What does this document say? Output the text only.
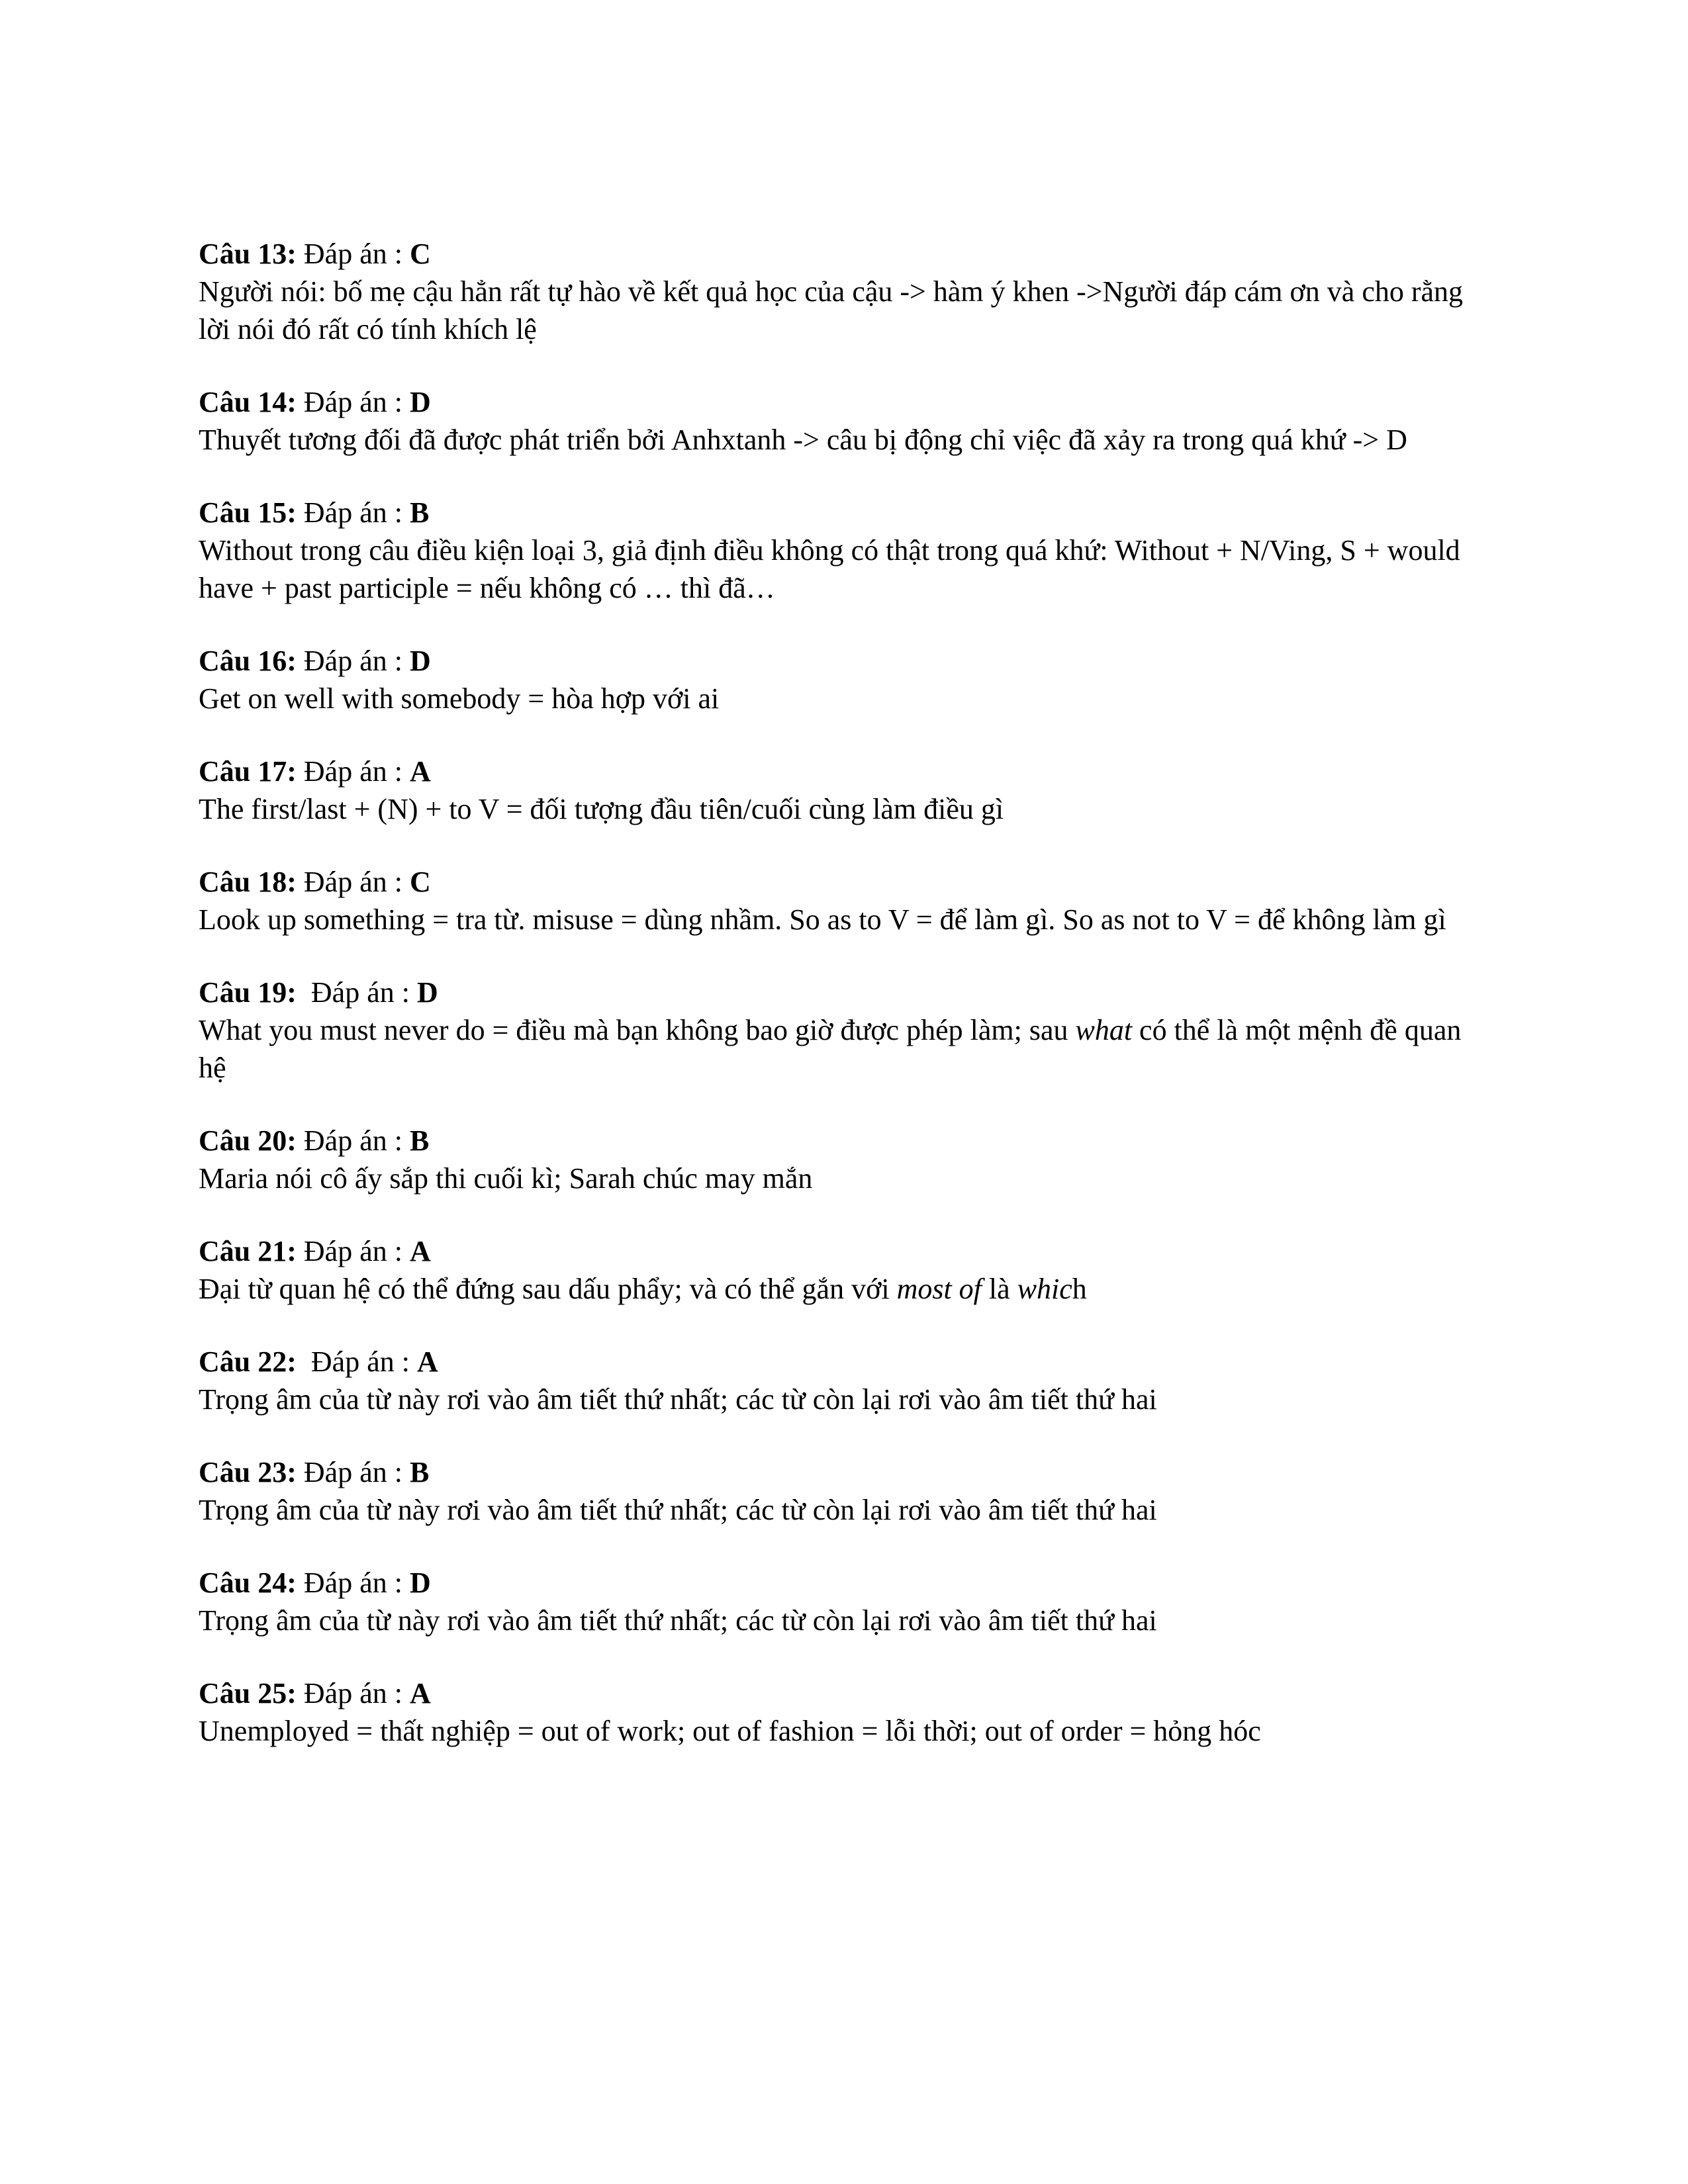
Câu 13: Đáp án : C
Người nói: bố mẹ cậu hẳn rất tự hào về kết quả học của cậu -> hàm ý khen ->Người đáp cám ơn và cho rằng lời nói đó rất có tính khích lệ
Câu 14: Đáp án : D
Thuyết tương đối đã được phát triển bởi Anhxtanh -> câu bị động chỉ việc đã xảy ra trong quá khứ -> D
Câu 15: Đáp án : B
Without trong câu điều kiện loại 3, giả định điều không có thật trong quá khứ: Without + N/Ving, S + would have + past participle = nếu không có … thì đã…
Câu 16: Đáp án : D
Get on well with somebody = hòa hợp với ai
Câu 17: Đáp án : A
The first/last + (N) + to V = đối tượng đầu tiên/cuối cùng làm điều gì
Câu 18: Đáp án : C
Look up something = tra từ. misuse = dùng nhầm. So as to V = để làm gì. So as not to V = để không làm gì
Câu 19: Đáp án : D
What you must never do = điều mà bạn không bao giờ được phép làm; sau what có thể là một mệnh đề quan hệ
Câu 20: Đáp án : B
Maria nói cô ấy sắp thi cuối kì; Sarah chúc may mắn
Câu 21: Đáp án : A
Đại từ quan hệ có thể đứng sau dấu phẩy; và có thể gắn với most of là which
Câu 22: Đáp án : A
Trọng âm của từ này rơi vào âm tiết thứ nhất; các từ còn lại rơi vào âm tiết thứ hai
Câu 23: Đáp án : B
Trọng âm của từ này rơi vào âm tiết thứ nhất; các từ còn lại rơi vào âm tiết thứ hai
Câu 24: Đáp án : D
Trọng âm của từ này rơi vào âm tiết thứ nhất; các từ còn lại rơi vào âm tiết thứ hai
Câu 25: Đáp án : A
Unemployed = thất nghiệp = out of work; out of fashion = lỗi thời; out of order = hỏng hóc
